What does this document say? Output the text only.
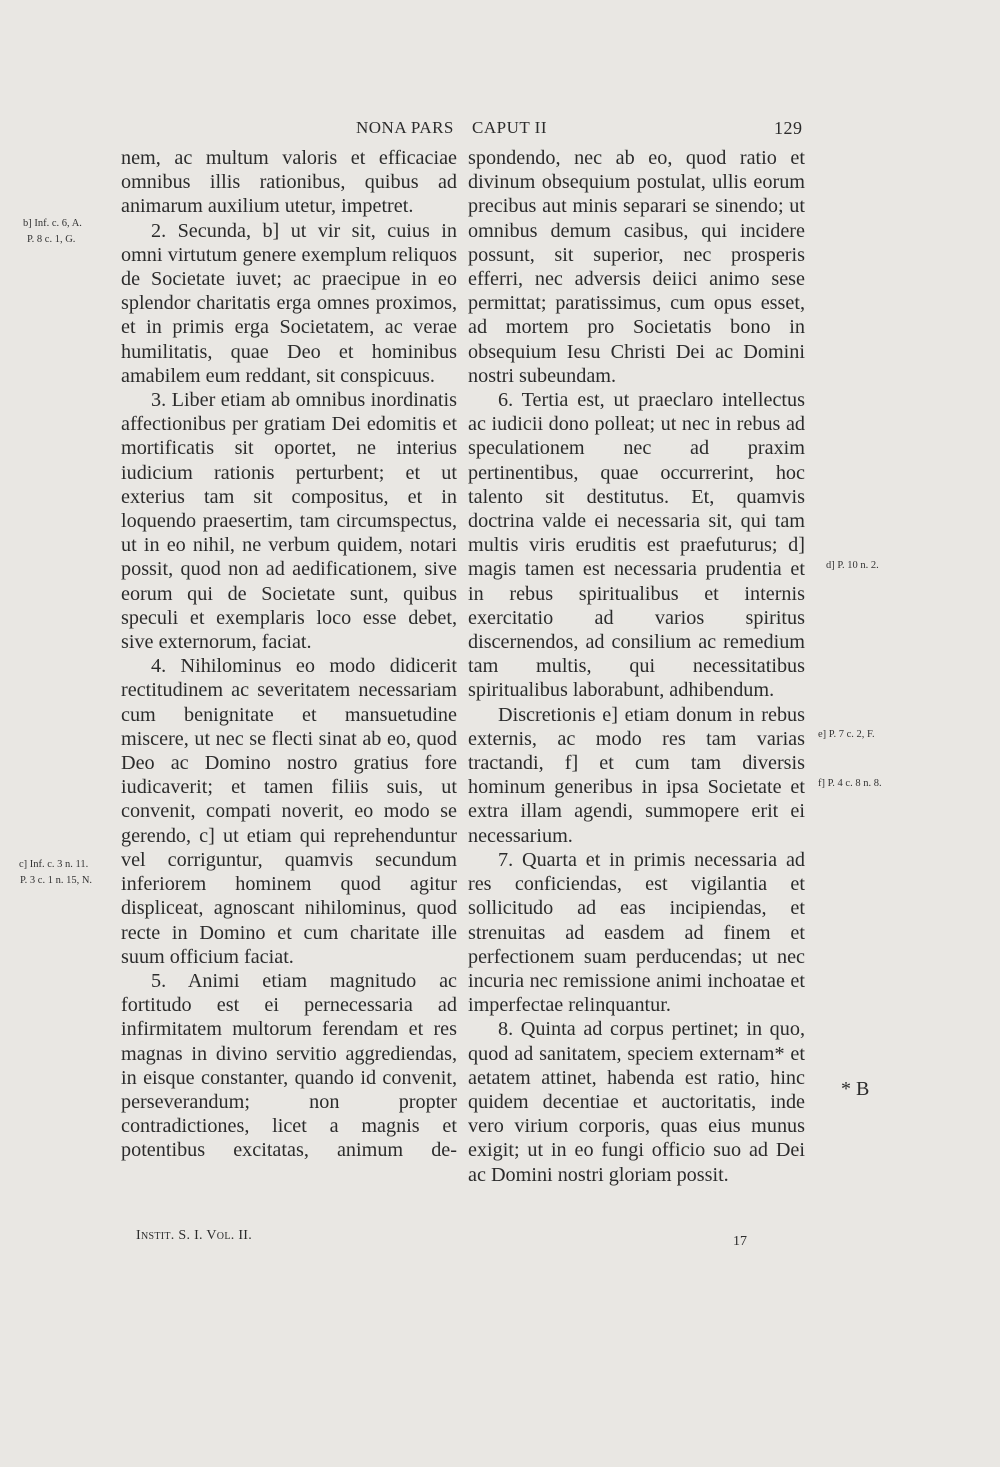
NONA PARS CAPUT II	129

nem, ac multum valoris et efficaciae omnibus illis rationibus, quibus ad animarum auxilium utetur, impetret.

2. Secunda, b] ut vir sit, cuius in omni virtutum genere exemplum reliquos de Societate iuvet; ac praecipue in eo splendor charitatis erga omnes proximos, et in primis erga Societatem, ac verae humilitatis, quae Deo et hominibus amabilem eum reddant, sit conspicuus.

3. Liber etiam ab omnibus inordinatis affectionibus per gratiam Dei edomitis et mortificatis sit oportet, ne interius iudicium rationis perturbent; et ut exterius tam sit compositus, et in loquendo praesertim, tam circumspectus, ut in eo nihil, ne verbum quidem, notari possit, quod non ad aedificationem, sive eorum qui de Societate sunt, quibus speculi et exemplaris loco esse debet, sive externorum, faciat.

4. Nihilominus eo modo didicerit rectitudinem ac severitatem necessariam cum benignitate et mansuetudine miscere, ut nec se flecti sinat ab eo, quod Deo ac Domino nostro gratius fore iudicaverit; et tamen filiis suis, ut convenit, compati noverit, eo modo se gerendo, c] ut etiam qui reprehenduntur vel corriguntur, quamvis secundum inferiorem hominem quod agitur displiceat, agnoscant nihilominus, quod recte in Domino et cum charitate ille suum officium faciat.

5. Animi etiam magnitudo ac fortitudo est ei pernecessaria ad infirmitatem multorum ferendam et res magnas in divino servitio aggrediendas, in eisque constanter, quando id convenit, perseverandum; non propter contradictiones, licet a magnis et potentibus excitatas, animum de-

spondendo, nec ab eo, quod ratio et divinum obsequium postulat, ullis eorum precibus aut minis separari se sinendo; ut omnibus demum casibus, qui incidere possunt, sit superior, nec prosperis efferri, nec adversis deiici animo sese permittat; paratissimus, cum opus esset, ad mortem pro Societatis bono in obsequium Iesu Christi Dei ac Domini nostri subeundam.

6. Tertia est, ut praeclaro intellectus ac iudicii dono polleat; ut nec in rebus ad speculationem nec ad praxim pertinentibus, quae occurrerint, hoc talento sit destitutus. Et, quamvis doctrina valde ei necessaria sit, qui tam multis viris eruditis est praefuturus; d] magis tamen est necessaria prudentia et in rebus spiritualibus et internis exercitatio ad varios spiritus discernendos, ad consilium ac remedium tam multis, qui necessitatibus spiritualibus laborabunt, adhibendum.

Discretionis e] etiam donum in rebus externis, ac modo res tam varias tractandi, f] et cum tam diversis hominum generibus in ipsa Societate et extra illam agendi, summopere erit ei necessarium.

7. Quarta et in primis necessaria ad res conficiendas, est vigilantia et sollicitudo ad eas incipiendas, et strenuitas ad easdem ad finem et perfectionem suam perducendas; ut nec incuria nec remissione animi inchoatae et imperfectae relinquantur.

8. Quinta ad corpus pertinet; in quo, quod ad sanitatem, speciem externam* et aetatem attinet, habenda est ratio, hinc quidem decentiae et auctoritatis, inde vero virium corporis, quas eius munus exigit; ut in eo fungi officio suo ad Dei ac Domini nostri gloriam possit.

b] Inf. c. 6, A.
P. 8 c. 1, G.
c] Inf. c. 3 n. 11.
P. 3 c. 1 n. 15, N.
d] P. 10 n. 2.
e] P. 7 c. 2, F.
f] P. 4 c. 8 n. 8.
* B
Instit. S. I. Vol. II.	17
